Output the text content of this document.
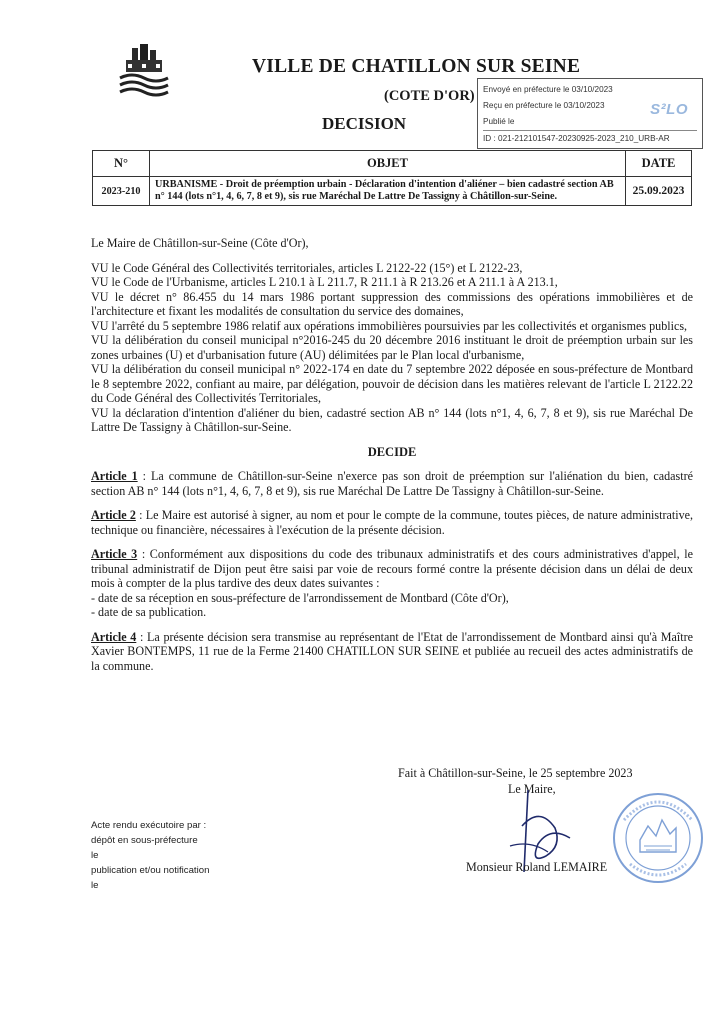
VILLE DE CHATILLON SUR SEINE
(COTE D'OR)
DECISION
Envoyé en préfecture le 03/10/2023
Reçu en préfecture le 03/10/2023
Publié le
ID : 021-212101547-20230925-2023_210_URB-AR
S²LO
N°	OBJET	DATE
2023-210	URBANISME - Droit de préemption urbain - Déclaration d'intention d'aliéner – bien cadastré section AB n° 144 (lots n°1, 4, 6, 7, 8 et 9), sis rue Maréchal De Lattre De Tassigny à Châtillon-sur-Seine.	25.09.2023

Le Maire de Châtillon-sur-Seine (Côte d'Or),

VU le Code Général des Collectivités territoriales, articles L 2122-22 (15°) et L 2122-23,

VU le Code de l'Urbanisme, articles L 210.1 à L 211.7, R 211.1 à R 213.26 et A 211.1 à A 213.1,

VU le décret n° 86.455 du 14 mars 1986 portant suppression des commissions des opérations immobilières et de l'architecture et fixant les modalités de consultation du service des domaines,

VU l'arrêté du 5 septembre 1986 relatif aux opérations immobilières poursuivies par les collectivités et organismes publics,

VU la délibération du conseil municipal n°2016-245 du 20 décembre 2016 instituant le droit de préemption urbain sur les zones urbaines (U) et d'urbanisation future (AU) délimitées par le Plan local d'urbanisme,

VU la délibération du conseil municipal n° 2022-174 en date du 7 septembre 2022 déposée en sous-préfecture de Montbard le 8 septembre 2022, confiant au maire, par délégation, pouvoir de décision dans les matières relevant de l'article L 2122.22 du Code Général des Collectivités Territoriales,

VU la déclaration d'intention d'aliéner du bien, cadastré section AB n° 144 (lots n°1, 4, 6, 7, 8 et 9), sis rue Maréchal De Lattre De Tassigny à Châtillon-sur-Seine.

DECIDE

Article 1 : La commune de Châtillon-sur-Seine n'exerce pas son droit de préemption sur l'aliénation du bien, cadastré section AB n° 144 (lots n°1, 4, 6, 7, 8 et 9), sis rue Maréchal De Lattre De Tassigny à Châtillon-sur-Seine.

Article 2 : Le Maire est autorisé à signer, au nom et pour le compte de la commune, toutes pièces, de nature administrative, technique ou financière, nécessaires à l'exécution de la présente décision.

Article 3 : Conformément aux dispositions du code des tribunaux administratifs et des cours administratives d'appel, le tribunal administratif de Dijon peut être saisi par voie de recours formé contre la présente décision dans un délai de deux mois à compter de la plus tardive des deux dates suivantes :

- date de sa réception en sous-préfecture de l'arrondissement de Montbard (Côte d'Or),

- date de sa publication.

Article 4 : La présente décision sera transmise au représentant de l'Etat de l'arrondissement de Montbard ainsi qu'à Maître Xavier BONTEMPS, 11 rue de la Ferme 21400 CHATILLON SUR SEINE et publiée au recueil des actes administratifs de la commune.

Fait à Châtillon-sur-Seine, le 25 septembre 2023
Le Maire,
Monsieur Roland LEMAIRE
Acte rendu exécutoire par :
dépôt en sous-préfecture
le
publication et/ou notification
le
